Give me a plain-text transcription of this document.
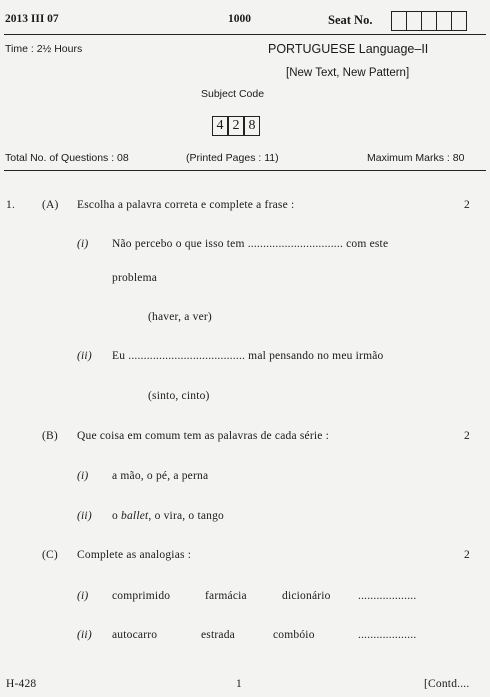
2013 III 07	1000	Seat No.
Time : 2½ Hours	PORTUGUESE Language–II
[New Text, New Pattern]
Subject Code
4 2 8
Total No. of Questions : 08	(Printed Pages : 11)	Maximum Marks : 80
1. (A) Escolha a palavra correta e complete a frase :	2
(i) Não percebo o que isso tem ............................... com este
problema
(haver, a ver)
(ii) Eu ...................................... mal pensando no meu irmão
(sinto, cinto)
(B) Que coisa em comum tem as palavras de cada série :	2
(i) a mão, o pé, a perna
(ii) o ballet, o vira, o tango
(C) Complete as analogias :	2
(i) comprimido	farmácia	dicionário ...................
(ii) autocarro	estrada	combóio	...................
H-428	1	[Contd....
